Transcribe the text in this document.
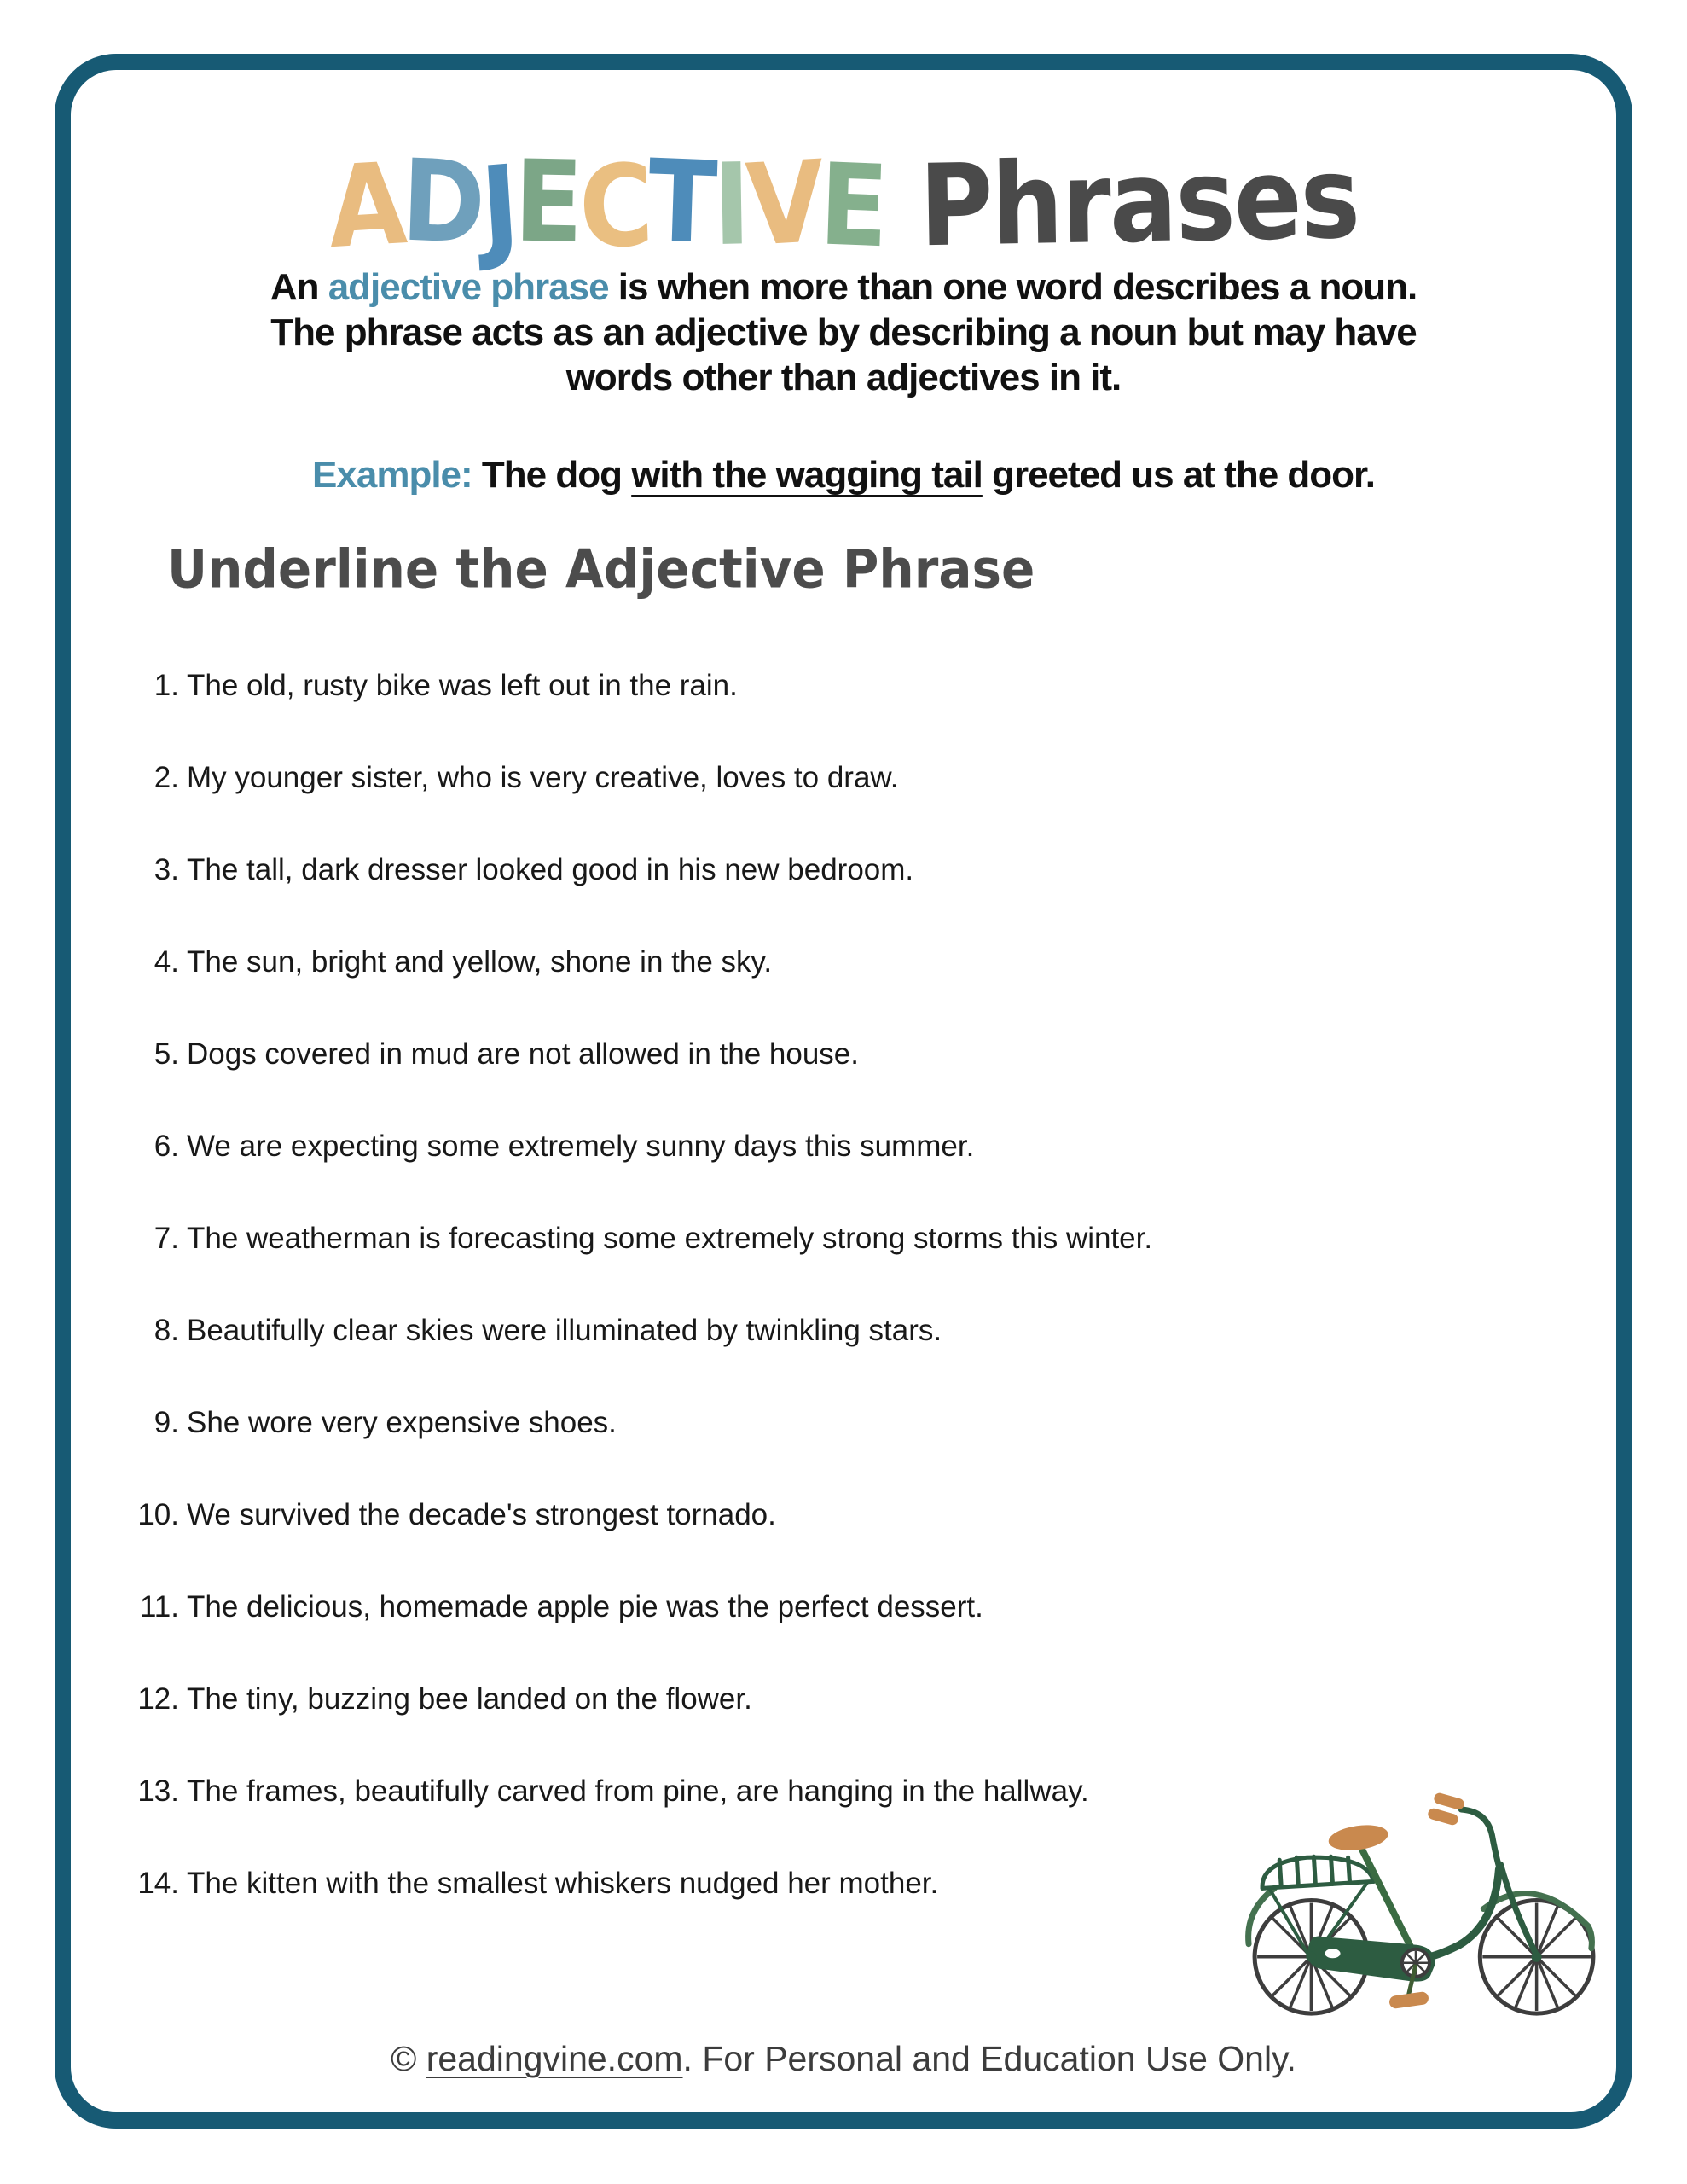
ADJECTIVE Phrases
An adjective phrase is when more than one word describes a noun.
The phrase acts as an adjective by describing a noun but may have
words other than adjectives in it.
Example: The dog with the wagging tail greeted us at the door.
Underline the Adjective Phrase
1. The old, rusty bike was left out in the rain.
2. My younger sister, who is very creative, loves to draw.
3. The tall, dark dresser looked good in his new bedroom.
4. The sun, bright and yellow, shone in the sky.
5. Dogs covered in mud are not allowed in the house.
6. We are expecting some extremely sunny days this summer.
7. The weatherman is forecasting some extremely strong storms this winter.
8. Beautifully clear skies were illuminated by twinkling stars.
9. She wore very expensive shoes.
10. We survived the decade's strongest tornado.
11. The delicious, homemade apple pie was the perfect dessert.
12. The tiny, buzzing bee landed on the flower.
13. The frames, beautifully carved from pine, are hanging in the hallway.
14. The kitten with the smallest whiskers nudged her mother.
© readingvine.com. For Personal and Education Use Only.
